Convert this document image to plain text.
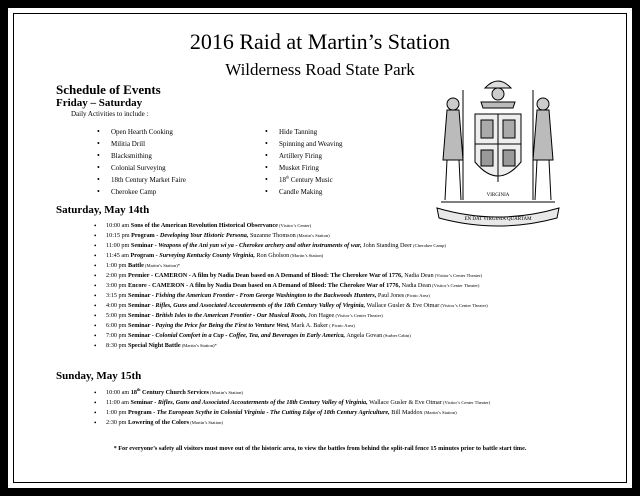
2016 Raid at Martin’s Station
Wilderness Road State Park
Schedule of Events
Friday – Saturday
Daily Activities to include :
• Open Hearth Cooking
• Militia Drill
• Blacksmithing
• Colonial Surveying
• 18th Century Market Faire
• Cherokee Camp
• Hide Tanning
• Spinning and Weaving
• Artillery Firing
• Musket Firing
• 18th Century Music
• Candle Making
EN DAT VIRGINIA QUARTAM
VIRGINIA
Saturday, May 14th
• 10:00 am Sons of the American Revolution Historical Observance (Visitor’s Center)
• 10:15 pm Program - Developing Your Historic Persona, Suzanne Thomson (Martin’s Station)
• 11:00 pm Seminar - Weapons of the Ani yun wi ya - Cherokee archery and other instruments of war, John Standing Deer (Cherokee Camp)
• 11:45 am Program - Surveying Kentucky County Virginia, Ron Gholson (Martin’s Station)
• 1:00 pm Battle (Martin’s Station)*
• 2:00 pm Premier - CAMERON - A film by Nadia Dean based on A Demand of Blood: The Cherokee War of 1776, Nadia Dean (Visitor’s Center Theater)
• 3:00 pm Encore - CAMERON - A film by Nadia Dean based on A Demand of Blood: The Cherokee War of 1776, Nadia Dean (Visitor’s Center Theater)
• 3:15 pm Seminar - Fishing the American Frontier - From George Washington to the Backwoods Hunters, Paul Jones (Picnic Area)
• 4:00 pm Seminar - Rifles, Guns and Associated Accouterments of the 18th Century Valley of Virginia, Wallace Gusler & Eve Otmar (Visitor’s Center Theater)
• 5:00 pm Seminar - British Isles to the American Frontier - Our Musical Roots, Jon Hagee (Visitor’s Center Theater)
• 6:00 pm Seminar - Paying the Price for Being the First to Venture West, Mark A. Baker ( Picnic Area)
• 7:00 pm Seminar - Colonial Comfort in a Cup - Coffee, Tea, and Beverages in Early America, Angela Govan (Surber Cabin)
• 8:30 pm Special Night Battle (Martin’s Station)*
Sunday, May 15th
• 10:00 am 18th Century Church Services (Martin’s Station)
• 11:00 am Seminar - Rifles, Guns and Associated Accouterments of the 18th Century Valley of Virginia, Wallace Gusler & Eve Otmar (Visitor’s Center Theater)
• 1:00 pm Program - The European Scythe in Colonial Virginia - The Cutting Edge of 18th Century Agriculture, Bill Maddox (Martin’s Station)
• 2:30 pm Lowering of the Colors (Martin’s Station)
* For everyone’s safety all visitors must move out of the historic area, to view the battles from behind the split-rail fence 15 minutes prior to battle start time.
